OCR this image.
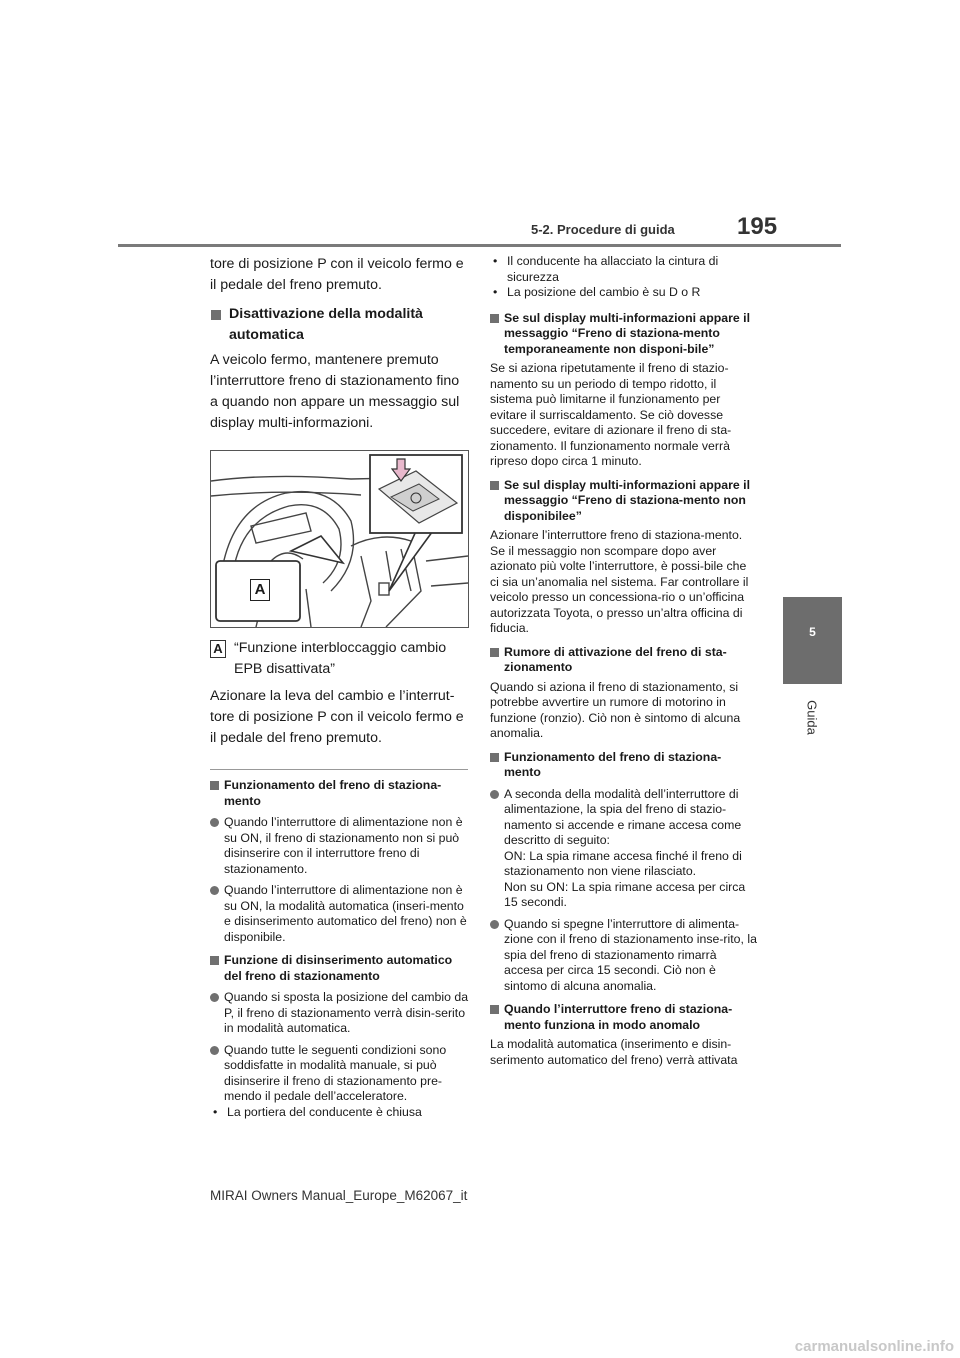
5-2. Procedure di guida	195
5
Guida

tore di posizione P con il veicolo fermo e il pedale del freno premuto.

Disattivazione della modalità automatica

A veicolo fermo, mantenere premuto l’interruttore freno di stazionamento fino a quando non appare un messaggio sul display multi-informazioni.

A
A “Funzione interbloccaggio cambio EPB disattivata”

Azionare la leva del cambio e l’interrut-tore di posizione P con il veicolo fermo e il pedale del freno premuto.

Funzionamento del freno di staziona-mento

Quando l’interruttore di alimentazione non è su ON, il freno di stazionamento non si può disinserire con il interruttore freno di stazionamento.

Quando l’interruttore di alimentazione non è su ON, la modalità automatica (inseri-mento e disinserimento automatico del freno) non è disponibile.

Funzione di disinserimento automatico del freno di stazionamento

Quando si sposta la posizione del cambio da P, il freno di stazionamento verrà disin-serito in modalità automatica.

Quando tutte le seguenti condizioni sono soddisfatte in modalità manuale, si può disinserire il freno di stazionamento pre-mendo il pedale dell’acceleratore.

• La portiera del conducente è chiusa

• Il conducente ha allacciato la cintura di sicurezza

• La posizione del cambio è su D o R

Se sul display multi-informazioni appare il messaggio “Freno di staziona-mento temporaneamente non disponi-bile”

Se si aziona ripetutamente il freno di stazio-namento su un periodo di tempo ridotto, il sistema può limitarne il funzionamento per evitare il surriscaldamento. Se ciò dovesse succedere, evitare di azionare il freno di sta-zionamento. Il funzionamento normale verrà ripreso dopo circa 1 minuto.

Se sul display multi-informazioni appare il messaggio “Freno di staziona-mento non disponibilee”

Azionare l’interruttore freno di staziona-mento. Se il messaggio non scompare dopo aver azionato più volte l’interruttore, è possi-bile che ci sia un’anomalia nel sistema. Far controllare il veicolo presso un concessiona-rio o un’officina autorizzata Toyota, o presso un’altra officina di fiducia.

Rumore di attivazione del freno di sta-zionamento

Quando si aziona il freno di stazionamento, si potrebbe avvertire un rumore di motorino in funzione (ronzio). Ciò non è sintomo di alcuna anomalia.

Funzionamento del freno di staziona-mento

A seconda della modalità dell’interruttore di alimentazione, la spia del freno di stazio-namento si accende e rimane accesa come descritto di seguito:

ON: La spia rimane accesa finché il freno di stazionamento non viene rilasciato.

Non su ON: La spia rimane accesa per circa 15 secondi.

Quando si spegne l’interruttore di alimenta-zione con il freno di stazionamento inse-rito, la spia del freno di stazionamento rimarrà accesa per circa 15 secondi. Ciò non è sintomo di alcuna anomalia.

Quando l’interruttore freno di staziona-mento funziona in modo anomalo

La modalità automatica (inserimento e disin-serimento automatico del freno) verrà attivata

MIRAI Owners Manual_Europe_M62067_it
carmanualsonline.info
